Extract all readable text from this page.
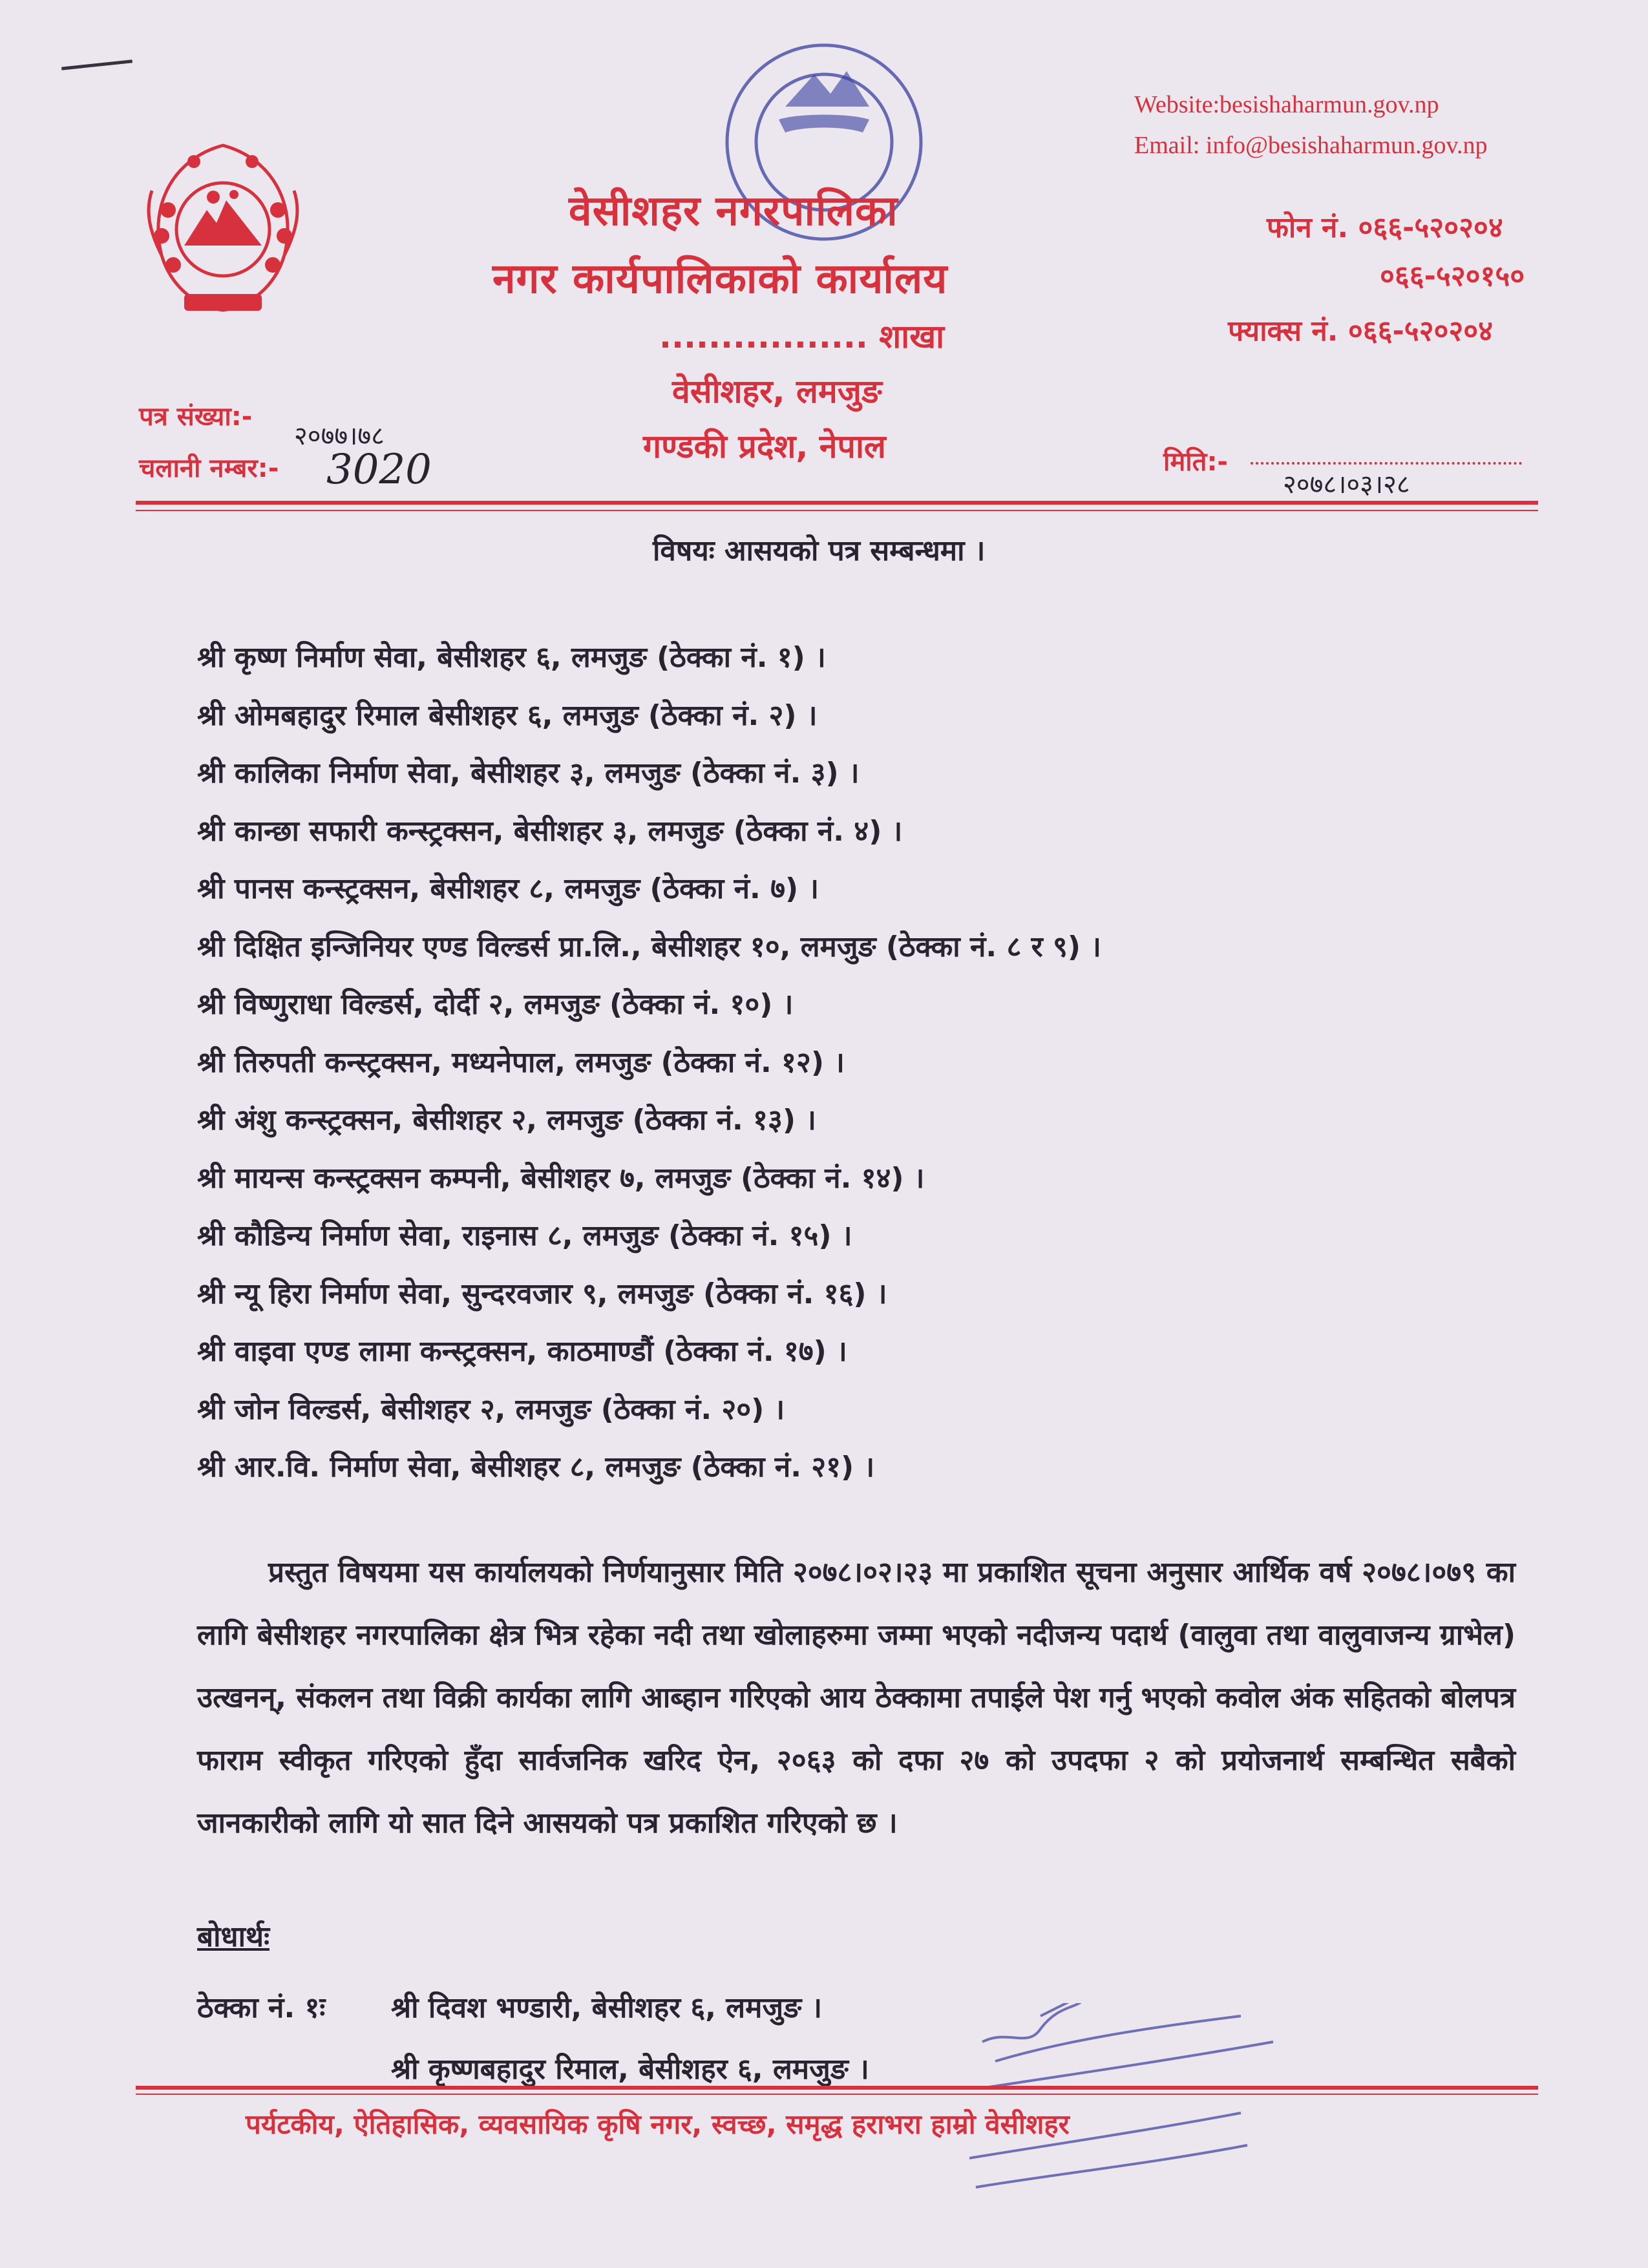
Website:besishaharmun.gov.np
Email: info@besishaharmun.gov.np
फोन नं. ०६६-५२०२०४
०६६-५२०१५०
फ्याक्स नं. ०६६-५२०२०४
वेसीशहर नगरपालिका
नगर कार्यपालिकाको कार्यालय
................. शाखा
वेसीशहर, लमजुङ
गण्डकी प्रदेश, नेपाल
पत्र संख्या:-
२०७७।७८
चलानी नम्बर:- 3020	मिति:-
२०७८।०३।२८
विषयः आसयको पत्र सम्बन्धमा ।
श्री कृष्ण निर्माण सेवा, बेसीशहर ६, लमजुङ (ठेक्का नं. १) ।
श्री ओमबहादुर रिमाल बेसीशहर ६, लमजुङ (ठेक्का नं. २) ।
श्री कालिका निर्माण सेवा, बेसीशहर ३, लमजुङ (ठेक्का नं. ३) ।
श्री कान्छा सफारी कन्स्ट्रक्सन, बेसीशहर ३, लमजुङ (ठेक्का नं. ४) ।
श्री पानस कन्स्ट्रक्सन, बेसीशहर ८, लमजुङ (ठेक्का नं. ७) ।
श्री दिक्षित इन्जिनियर एण्ड विल्डर्स प्रा.लि., बेसीशहर १०, लमजुङ (ठेक्का नं. ८ र ९) ।
श्री विष्णुराधा विल्डर्स, दोर्दी २, लमजुङ (ठेक्का नं. १०) ।
श्री तिरुपती कन्स्ट्रक्सन, मध्यनेपाल, लमजुङ (ठेक्का नं. १२) ।
श्री अंशु कन्स्ट्रक्सन, बेसीशहर २, लमजुङ (ठेक्का नं. १३) ।
श्री मायन्स कन्स्ट्रक्सन कम्पनी, बेसीशहर ७, लमजुङ (ठेक्का नं. १४) ।
श्री कौडिन्य निर्माण सेवा, राइनास ८, लमजुङ (ठेक्का नं. १५) ।
श्री न्यू हिरा निर्माण सेवा, सुन्दरवजार ९, लमजुङ (ठेक्का नं. १६) ।
श्री वाइवा एण्ड लामा कन्स्ट्रक्सन, काठमाण्डौं (ठेक्का नं. १७) ।
श्री जोन विल्डर्स, बेसीशहर २, लमजुङ (ठेक्का नं. २०) ।
श्री आर.वि. निर्माण सेवा, बेसीशहर ८, लमजुङ (ठेक्का नं. २१) ।

प्रस्तुत विषयमा यस कार्यालयको निर्णयानुसार मिति २०७८।०२।२३ मा प्रकाशित सूचना अनुसार आर्थिक वर्ष २०७८।०७९ का लागि बेसीशहर नगरपालिका क्षेत्र भित्र रहेका नदी तथा खोलाहरुमा जम्मा भएको नदीजन्य पदार्थ (वालुवा तथा वालुवाजन्य ग्राभेल) उत्खनन्, संकलन तथा विक्री कार्यका लागि आब्हान गरिएको आय ठेक्कामा तपाईले पेश गर्नु भएको कवोल अंक सहितको बोलपत्र फाराम स्वीकृत गरिएको हुँदा सार्वजनिक खरिद ऐन, २०६३ को दफा २७ को उपदफा २ को प्रयोजनार्थ सम्बन्धित सबैको जानकारीको लागि यो सात दिने आसयको पत्र प्रकाशित गरिएको छ ।

बोधार्थः
ठेक्का नं. १ः श्री दिवश भण्डारी, बेसीशहर ६, लमजुङ ।
श्री कृष्णबहादुर रिमाल, बेसीशहर ६, लमजुङ ।
पर्यटकीय, ऐतिहासिक, व्यवसायिक कृषि नगर, स्वच्छ, समृद्ध हराभरा हाम्रो वेसीशहर
